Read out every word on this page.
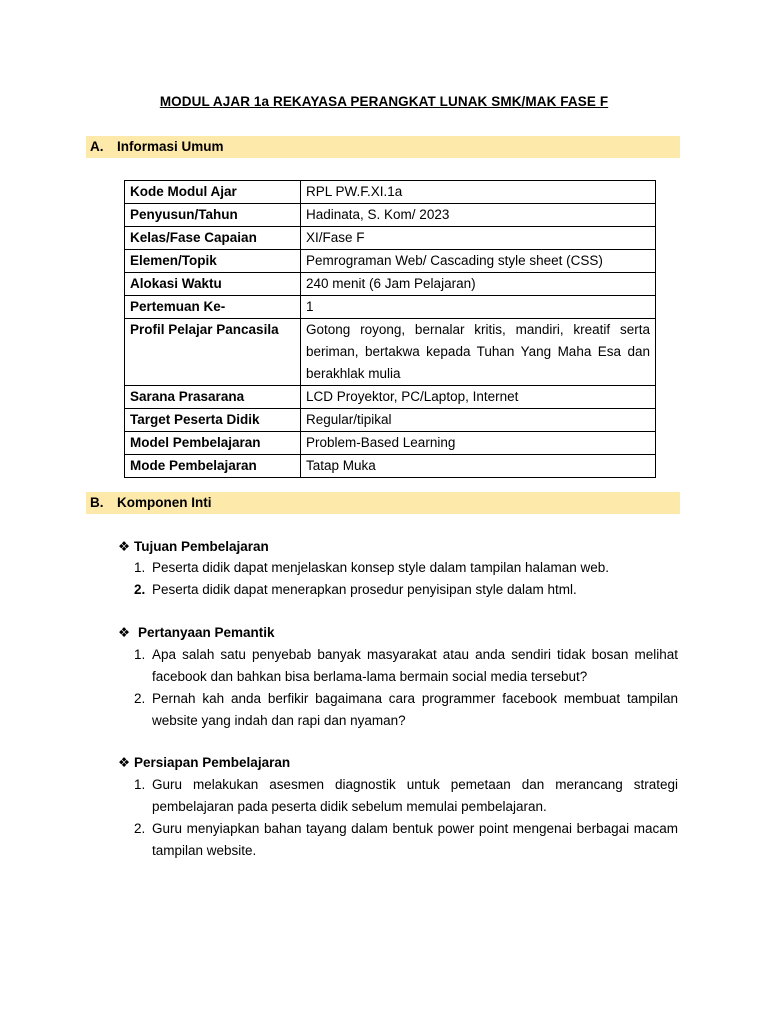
MODUL AJAR 1a REKAYASA PERANGKAT LUNAK SMK/MAK FASE F
A. Informasi Umum
Kode Modul Ajar	RPL PW.F.XI.1a
Penyusun/Tahun	Hadinata, S. Kom/ 2023
Kelas/Fase Capaian	XI/Fase F
Elemen/Topik	Pemrograman Web/ Cascading style sheet (CSS)
Alokasi Waktu	240 menit (6 Jam Pelajaran)
Pertemuan Ke-	1
Profil Pelajar Pancasila	Gotong royong, bernalar kritis, mandiri, kreatif serta beriman, bertakwa kepada Tuhan Yang Maha Esa dan berakhlak mulia
Sarana Prasarana	LCD Proyektor, PC/Laptop, Internet
Target Peserta Didik	Regular/tipikal
Model Pembelajaran	Problem-Based Learning
Mode Pembelajaran	Tatap Muka
B. Komponen Inti
❖ Tujuan Pembelajaran
1. Peserta didik dapat menjelaskan konsep style dalam tampilan halaman web.
2. Peserta didik dapat menerapkan prosedur penyisipan style dalam html.
❖ Pertanyaan Pemantik
1. Apa salah satu penyebab banyak masyarakat atau anda sendiri tidak bosan melihat facebook dan bahkan bisa berlama-lama bermain social media tersebut?
2. Pernah kah anda berfikir bagaimana cara programmer facebook membuat tampilan website yang indah dan rapi dan nyaman?
❖ Persiapan Pembelajaran
1. Guru melakukan asesmen diagnostik untuk pemetaan dan merancang strategi pembelajaran pada peserta didik sebelum memulai pembelajaran.
2. Guru menyiapkan bahan tayang dalam bentuk power point mengenai berbagai macam tampilan website.
